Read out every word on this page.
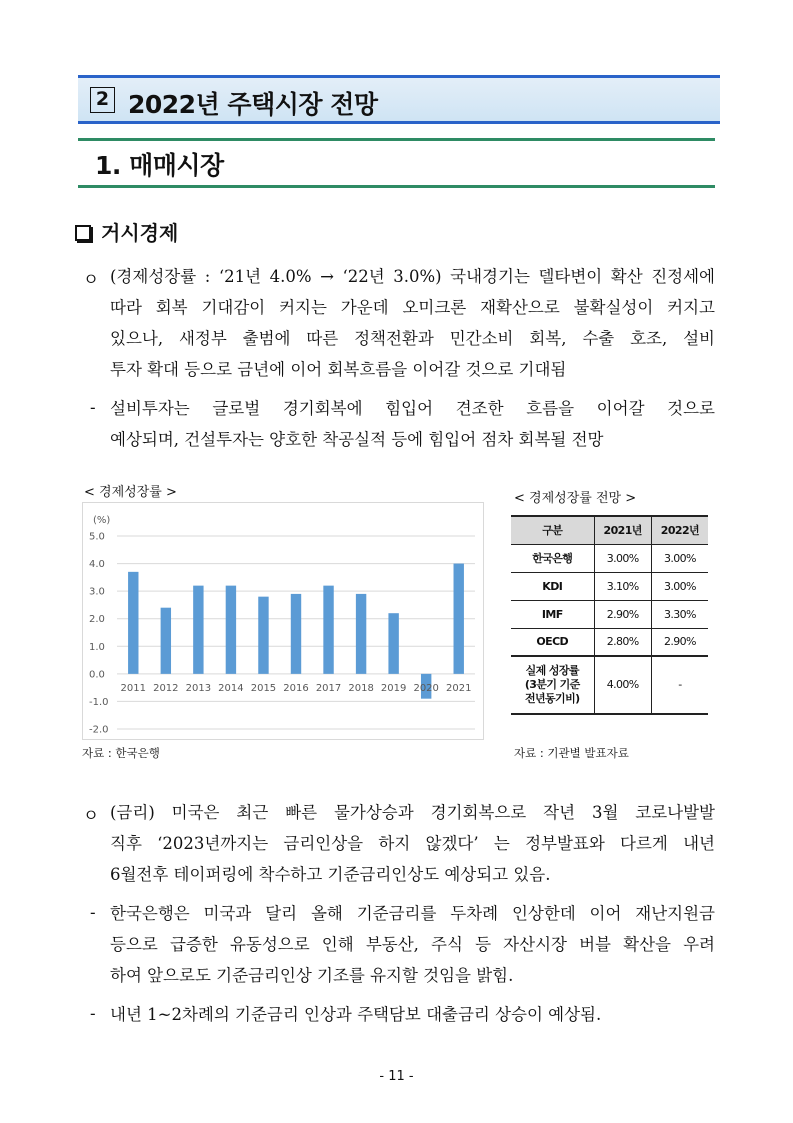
2 2022년 주택시장 전망
1. 매매시장
거시경제
ㅇ (경제성장률 : ‘21년 4.0% → ‘22년 3.0%) 국내경기는 델타변이 확산 진정세에
따라 회복 기대감이 커지는 가운데 오미크론 재확산으로 불확실성이 커지고
있으나, 새정부 출범에 따른 정책전환과 민간소비 회복, 수출 호조, 설비
투자 확대 등으로 금년에 이어 회복흐름을 이어갈 것으로 기대됨
- 설비투자는 글로벌 경기회복에 힘입어 견조한 흐름을 이어갈 것으로
예상되며, 건설투자는 양호한 착공실적 등에 힘입어 점차 회복될 전망
< 경제성장률 >
(%)
5.0
4.0
3.0
2.0
1.0
0.0
-1.0
-2.0
2011 2012 2013 2014 2015 2016 2017 2018 2019 2020 2021
자료 : 한국은행
< 경제성장률 전망 >
구분	2021년	2022년
한국은행	3.00%	3.00%
KDI	3.10%	3.00%
IMF	2.90%	3.30%
OECD	2.80%	2.90%

실제 성장률
(3분기 기준
전년동기비)	4.00%	-
자료 : 기관별 발표자료
ㅇ (금리) 미국은 최근 빠른 물가상승과 경기회복으로 작년 3월 코로나발발
직후 ‘2023년까지는 금리인상을 하지 않겠다’ 는 정부발표와 다르게 내년
6월전후 테이퍼링에 착수하고 기준금리인상도 예상되고 있음.
- 한국은행은 미국과 달리 올해 기준금리를 두차례 인상한데 이어 재난지원금
등으로 급증한 유동성으로 인해 부동산, 주식 등 자산시장 버블 확산을 우려
하여 앞으로도 기준금리인상 기조를 유지할 것임을 밝힘.
- 내년 1~2차례의 기준금리 인상과 주택담보 대출금리 상승이 예상됨.
- 11 -
